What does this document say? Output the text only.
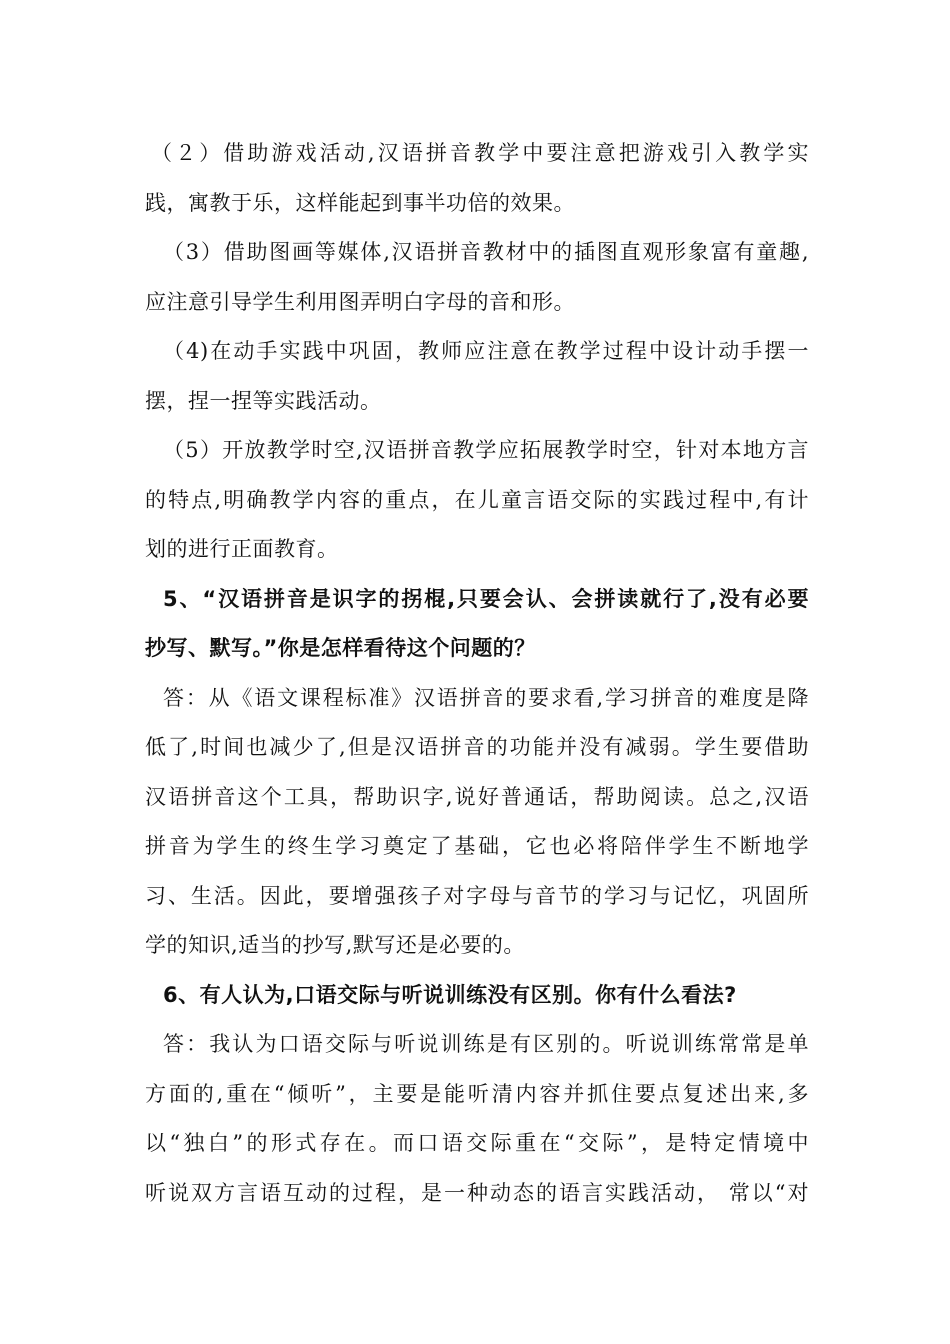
（２）借助游戏活动,汉语拼音教学中要注意把游戏引入教学实
践，寓教于乐，这样能起到事半功倍的效果。
（3）借助图画等媒体,汉语拼音教材中的插图直观形象富有童趣,
应注意引导学生利用图弄明白字母的音和形。
（4)在动手实践中巩固，教师应注意在教学过程中设计动手摆一
摆，捏一捏等实践活动。
（5）开放教学时空,汉语拼音教学应拓展教学时空，针对本地方言
的特点,明确教学内容的重点，在儿童言语交际的实践过程中,有计
划的进行正面教育。
5、“汉语拼音是识字的拐棍,只要会认、会拼读就行了,没有必要
抄写、默写。”你是怎样看待这个问题的？
答：从《语文课程标准》汉语拼音的要求看,学习拼音的难度是降
低了,时间也减少了,但是汉语拼音的功能并没有减弱。学生要借助
汉语拼音这个工具，帮助识字,说好普通话，帮助阅读。总之,汉语
拼音为学生的终生学习奠定了基础，它也必将陪伴学生不断地学
习、生活。因此，要增强孩子对字母与音节的学习与记忆，巩固所
学的知识,适当的抄写,默写还是必要的。
6、有人认为,口语交际与听说训练没有区别。你有什么看法?
答：我认为口语交际与听说训练是有区别的。听说训练常常是单
方面的,重在“倾听”，主要是能听清内容并抓住要点复述出来,多
以“独白”的形式存在。而口语交际重在“交际”，是特定情境中
听说双方言语互动的过程，是一种动态的语言实践活动， 常以“对
